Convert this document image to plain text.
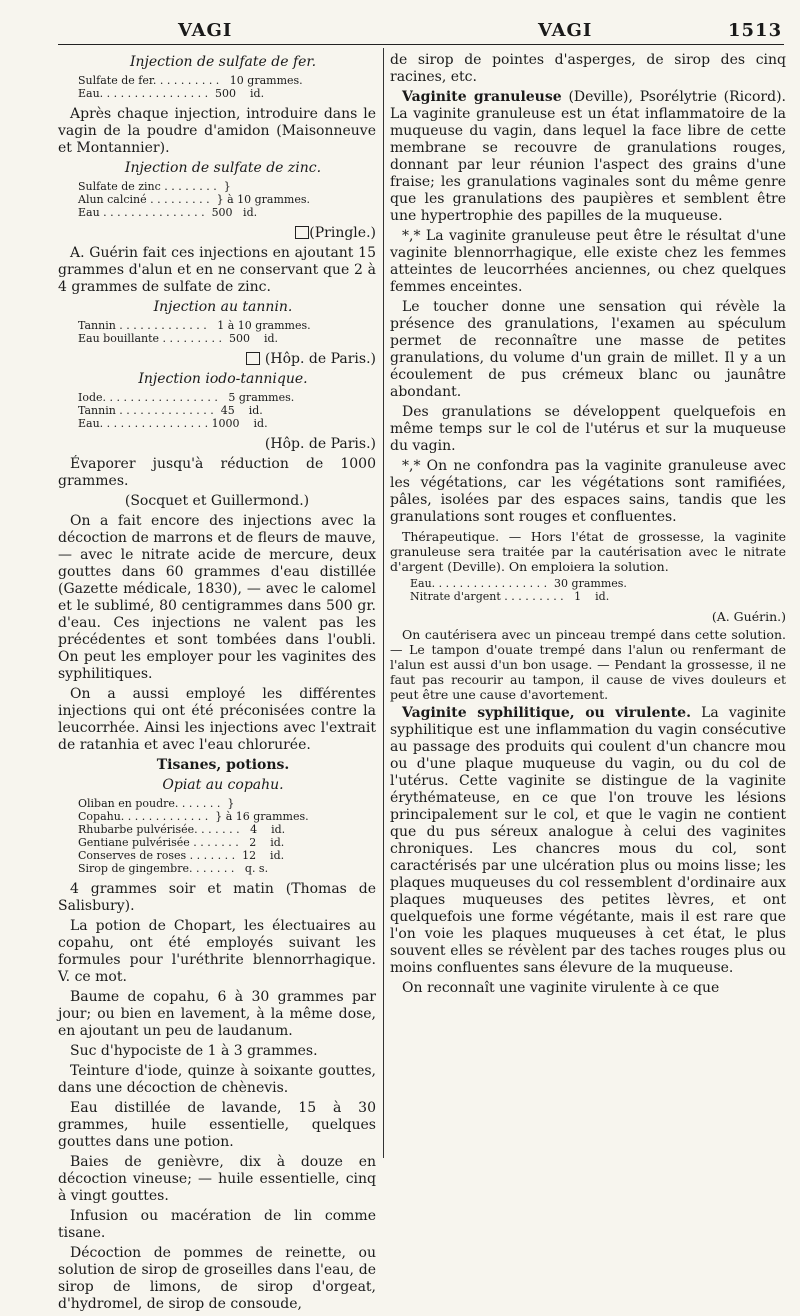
VAGI	VAGI	1513

Injection de sulfate de fer.

Sulfate de fer. . . . . . . . . .   10 grammes.
Eau. . . . . . . . . . . . . . . .  500    id.

Après chaque injection, introduire dans le vagin de la poudre d'amidon (Maisonneuve et Montannier).

Injection de sulfate de zinc.

Sulfate de zinc . . . . . . . .  }
Alun calciné . . . . . . . . .  } à 10 grammes.
Eau . . . . . . . . . . . . . . .  500   id.

(Pringle.)

A. Guérin fait ces injections en ajoutant 15 grammes d'alun et en ne conservant que 2 à 4 grammes de sulfate de zinc.

Injection au tannin.

Tannin . . . . . . . . . . . . .   1 à 10 grammes.
Eau bouillante . . . . . . . . .  500    id.

(Hôp. de Paris.)

Injection iodo-tannique.

Iode. . . . . . . . . . . . . . . . .   5 grammes.
Tannin . . . . . . . . . . . . . .  45    id.
Eau. . . . . . . . . . . . . . . . 1000    id.

(Hôp. de Paris.)

Évaporer jusqu'à réduction de 1000 grammes.

(Socquet et Guillermond.)

On a fait encore des injections avec la décoction de marrons et de fleurs de mauve, — avec le nitrate acide de mercure, deux gouttes dans 60 grammes d'eau distillée (Gazette médicale, 1830), — avec le calomel et le sublimé, 80 centigrammes dans 500 gr. d'eau. Ces injections ne valent pas les précédentes et sont tombées dans l'oubli. On peut les employer pour les vaginites des syphilitiques.

On a aussi employé les différentes injections qui ont été préconisées contre la leucorrhée. Ainsi les injections avec l'extrait de ratanhia et avec l'eau chlorurée.

Tisanes, potions.

Opiat au copahu.

Oliban en poudre. . . . . . .  }
Copahu. . . . . . . . . . . . .  } à 16 grammes.
Rhubarbe pulvérisée. . . . . . .   4    id.
Gentiane pulvérisée . . . . . . .   2    id.
Conserves de roses . . . . . . .  12    id.
Sirop de gingembre. . . . . . .   q. s.

4 grammes soir et matin (Thomas de Salisbury).

La potion de Chopart, les électuaires au copahu, ont été employés suivant les formules pour l'uréthrite blennorrhagique. V. ce mot.

Baume de copahu, 6 à 30 grammes par jour; ou bien en lavement, à la même dose, en ajoutant un peu de laudanum.

Suc d'hypociste de 1 à 3 grammes.

Teinture d'iode, quinze à soixante gouttes, dans une décoction de chènevis.

Eau distillée de lavande, 15 à 30 grammes, huile essentielle, quelques gouttes dans une potion.

Baies de genièvre, dix à douze en décoction vineuse; — huile essentielle, cinq à vingt gouttes.

Infusion ou macération de lin comme tisane.

Décoction de pommes de reinette, ou solution de sirop de groseilles dans l'eau, de sirop de limons, de sirop d'orgeat, d'hydromel, de sirop de consoude,

de sirop de pointes d'asperges, de sirop des cinq racines, etc.

Vaginite granuleuse (Deville), Psorélytrie (Ricord). La vaginite granuleuse est un état inflammatoire de la muqueuse du vagin, dans lequel la face libre de cette membrane se recouvre de granulations rouges, donnant par leur réunion l'aspect des grains d'une fraise; les granulations vaginales sont du même genre que les granulations des paupières et semblent être une hypertrophie des papilles de la muqueuse.

*,* La vaginite granuleuse peut être le résultat d'une vaginite blennorrhagique, elle existe chez les femmes atteintes de leucorrhées anciennes, ou chez quelques femmes enceintes.

Le toucher donne une sensation qui révèle la présence des granulations, l'examen au spéculum permet de reconnaître une masse de petites granulations, du volume d'un grain de millet. Il y a un écoulement de pus crémeux blanc ou jaunâtre abondant.

Des granulations se développent quelquefois en même temps sur le col de l'utérus et sur la muqueuse du vagin.

*,* On ne confondra pas la vaginite granuleuse avec les végétations, car les végétations sont ramifiées, pâles, isolées par des espaces sains, tandis que les granulations sont rouges et confluentes.

Thérapeutique. — Hors l'état de grossesse, la vaginite granuleuse sera traitée par la cautérisation avec le nitrate d'argent (Deville). On emploiera la solution.

Eau. . . . . . . . . . . . . . . . .  30 grammes.
Nitrate d'argent . . . . . . . . .   1    id.

(A. Guérin.)

On cautérisera avec un pinceau trempé dans cette solution. — Le tampon d'ouate trempé dans l'alun ou renfermant de l'alun est aussi d'un bon usage. — Pendant la grossesse, il ne faut pas recourir au tampon, il cause de vives douleurs et peut être une cause d'avortement.

Vaginite syphilitique, ou virulente. La vaginite syphilitique est une inflammation du vagin consécutive au passage des produits qui coulent d'un chancre mou ou d'une plaque muqueuse du vagin, ou du col de l'utérus. Cette vaginite se distingue de la vaginite érythémateuse, en ce que l'on trouve les lésions principalement sur le col, et que le vagin ne contient que du pus séreux analogue à celui des vaginites chroniques. Les chancres mous du col, sont caractérisés par une ulcération plus ou moins lisse; les plaques muqueuses du col ressemblent d'ordinaire aux plaques muqueuses des petites lèvres, et ont quelquefois une forme végétante, mais il est rare que l'on voie les plaques muqueuses à cet état, le plus souvent elles se révèlent par des taches rouges plus ou moins confluentes sans élevure de la muqueuse.

On reconnaît une vaginite virulente à ce que
